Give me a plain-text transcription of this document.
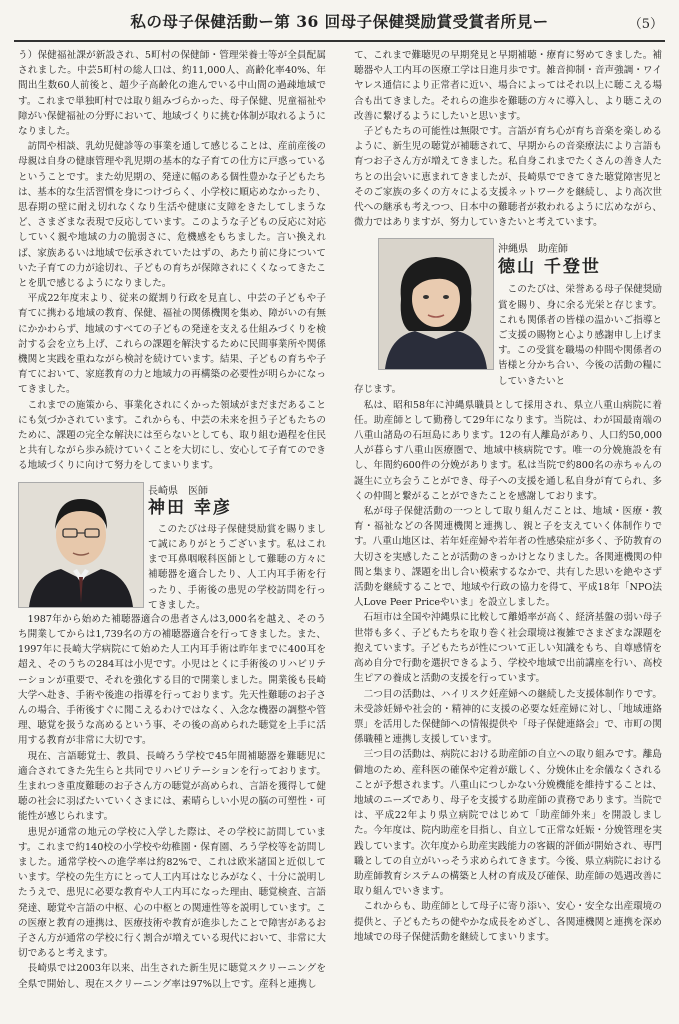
私の母子保健活動ー第 36 回母子保健奨励賞受賞者所見ー	（5）

う）保健福祉課が新設され、5町村の保健師・管理栄養士等が全員配属されました。中芸5町村の総人口は、約11,000人、高齢化率40%、年間出生数60人前後と、超少子高齢化の進んでいる中山間の過疎地域です。これまで単独町村では取り組みづらかった、母子保健、児童福祉や障がい保健福祉の分野において、地域づくりに挑む体制が取れるようになりました。

訪問や相談、乳幼児健診等の事業を通して感じることは、産前産後の母親は自身の健康管理や乳児期の基本的な子育ての仕方に戸惑っているということです。また幼児期の、発達に幅のある個性豊かな子どもたちは、基本的な生活習慣を身につけづらく、小学校に順応めなかったり、思春期の壁に耐え切れなくなり生活や健康に支障をきたしてしまうなど、さまざまな表現で反応しています。このような子どもの反応に対応していく親や地域の力の脆弱さに、危機感をもちました。言い換えれば、家族あるいは地域で伝承されていたはずの、あたり前に身についていた子育ての力が途切れ、子どもの育ちが保障されにくくなってきたことを肌で感じるようになりました。

平成22年度末より、従来の縦割り行政を見直し、中芸の子どもや子育てに携わる地域の教育、保健、福祉の関係機関を集め、障がいの有無にかかわらず、地域のすべての子どもの発達を支える仕組みづくりを検討する会を立ち上げ、これらの課題を解決するために民間事業所や関係機関と実践を重ねながら検討を続けています。結果、子どもの育ちや子育てにおいて、家庭教育の力と地域力の再構築の必要性が明らかになってきました。

これまでの施策から、事業化されにくかった領域がまだまだあることにも気づかされています。これからも、中芸の未来を担う子どもたちのために、課題の完全な解決には至らないとしても、取り組む過程を住民と共有しながら歩み続けていくことを大切にし、安心して子育てのできる地域づくりに向けて努力をしてまいります。

長崎県　医師
神田 幸彦

このたびは母子保健奨励賞を賜りまして誠にありがとうございます。私はこれまで耳鼻咽喉科医師として難聴の方々に補聴器を適合したり、人工内耳手術を行ったり、手術後の患児の学校訪問を行ってきました。

1987年から始めた補聴器適合の患者さんは3,000名を越え、そのうち開業してからは1,739名の方の補聴器適合を行ってきました。また、1997年に長崎大学病院にて始めた人工内耳手術は昨年までに400耳を超え、そのうちの284耳は小児です。小児はとくに手術後のリハビリテーションが重要で、それを強化する目的で開業しました。開業後も長崎大学へ赴き、手術や後進の指導を行っております。先天性難聴のお子さんの場合、手術後すぐに聞こえるわけではなく、入念な機器の調整や管理、聴覚を扱うな高めるという事、その後の高められた聴覚を上手に活用する教育が非常に大切です。

現在、言語聴覚士、教員、長崎ろう学校で45年間補聴器を難聴児に適合されてきた先生らと共同でリハビリテーションを行っております。生まれつき重度難聴のお子さん方の聴覚が高められ、言語を獲得して健聴の社会に羽ばたいていくさまには、素晴らしい小児の脳の可塑性・可能性が感じられます。

患児が通常の地元の学校に入学した際は、その学校に訪問しています。これまで約140校の小学校や幼稚園・保育園、ろう学校等を訪問しました。通常学校への進学率は約82%で、これは欧米諸国と近似しています。学校の先生方にとって人工内耳はなじみがなく、十分に説明したうえで、患児に必要な教育や人工内耳になった理由、聴覚検査、言語発達、聴覚や言語の中枢、心の中枢との関連性等を説明しています。この医療と教育の連携は、医療技術や教育が進歩したことで障害があるお子さん方が通常の学校に行く割合が増えている現代において、非常に大切であると考えます。

長崎県では2003年以来、出生された新生児に聴覚スクリーニングを全県で開始し、現在スクリーニング率は97%以上です。産科と連携し

て、これまで難聴児の早期発見と早期補聴・療育に努めてきました。補聴器や人工内耳の医療工学は日進月歩です。雑音抑制・音声強調・ワイヤレス通信により正常者に近い、場合によってはそれ以上に聴こえる場合も出てきました。それらの進歩を難聴の方々に導入し、より聴こえの改善に繋げるようにしたいと思います。

子どもたちの可能性は無限です。言語が育ち心が育ち音楽を楽しめるように、新生児の聴覚が補聴されて、早期からの音楽療法により言語も育つお子さん方が増えてきました。私自身これまでたくさんの善き人たちとの出会いに恵まれてきましたが、長崎県でできてきた聴覚障害児とそのご家族の多くの方々による支援ネットワークを継続し、より高次世代への継承も考えつつ、日本中の難聴者が救われるように広めながら、微力ではありますが、努力していきたいと考えています。

沖縄県　助産師
徳山 千登世

このたびは、栄誉ある母子保健奨励賞を賜り、身に余る光栄と存じます。これも関係者の皆様の温かいご指導とご支援の賜物と心より感謝申し上げます。この受賞を職場の仲間や関係者の皆様と分かち合い、今後の活動の糧にしていきたいと

存じます。

私は、昭和58年に沖縄県職員として採用され、県立八重山病院に着任。助産師として勤務して29年になります。当院は、わが国最南端の八重山諸島の石垣島にあります。12の有人離島があり、人口約50,000人が暮らす八重山医療圏で、地域中核病院です。唯一の分娩施設を有し、年間約600件の分娩があります。私は当院で約800名の赤ちゃんの誕生に立ち会うことができ、母子への支援を通し私自身が育てられ、多くの仲間と繋がることができたことを感謝しております。

私が母子保健活動の一つとして取り組んだことは、地域・医療・教育・福祉などの各関連機関と連携し、親と子を支えていく体制作りです。八重山地区は、若年妊産婦や若年者の性感染症が多く、予防教育の大切さを実感したことが活動のきっかけとなりました。各関連機関の仲間と集まり、課題を出し合い模索するなかで、共有した思いを絶やさず活動を継続することで、地域や行政の協力を得て、平成18年「NPO法人Love Peer Priceやいま」を設立しました。

石垣市は全国や沖縄県に比較して離婚率が高く、経済基盤の弱い母子世帯も多く、子どもたちを取り巻く社会環境は複雑でさまざまな課題を抱えています。子どもたちが性について正しい知識をもち、自尊感情を高め自分で行動を選択できるよう、学校や地域で出前講座を行い、高校生ピアの養成と活動の支援を行っています。

二つ目の活動は、ハイリスク妊産婦への継続した支援体制作りです。未受診妊婦や社会的・精神的に支援の必要な妊産婦に対し、「地域連絡票」を活用した保健師への情報提供や「母子保健連絡会」で、市町の関係職種と連携し支援しています。

三つ目の活動は、病院における助産師の自立への取り組みです。離島僻地のため、産科医の確保や定着が厳しく、分娩休止を余儀なくされることが予想されます。八重山につしかない分娩機能を維持することは、地域のニーズであり、母子を支援する助産師の責務であります。当院では、平成22年より県立病院ではじめて「助産師外来」を開設しました。今年度は、院内助産を目指し、自立して正常な妊娠・分娩管理を実践しています。次年度から助産実践能力の客観的評価が開始され、専門職としての自立がいっそう求められてきます。今後、県立病院における助産師教育システムの構築と人材の育成及び確保、助産師の処遇改善に取り組んでいきます。

これからも、助産師として母子に寄り添い、安心・安全な出産環境の提供と、子どもたちの健やかな成長をめざし、各関連機関と連携を深め地域での母子保健活動を継続してまいります。
